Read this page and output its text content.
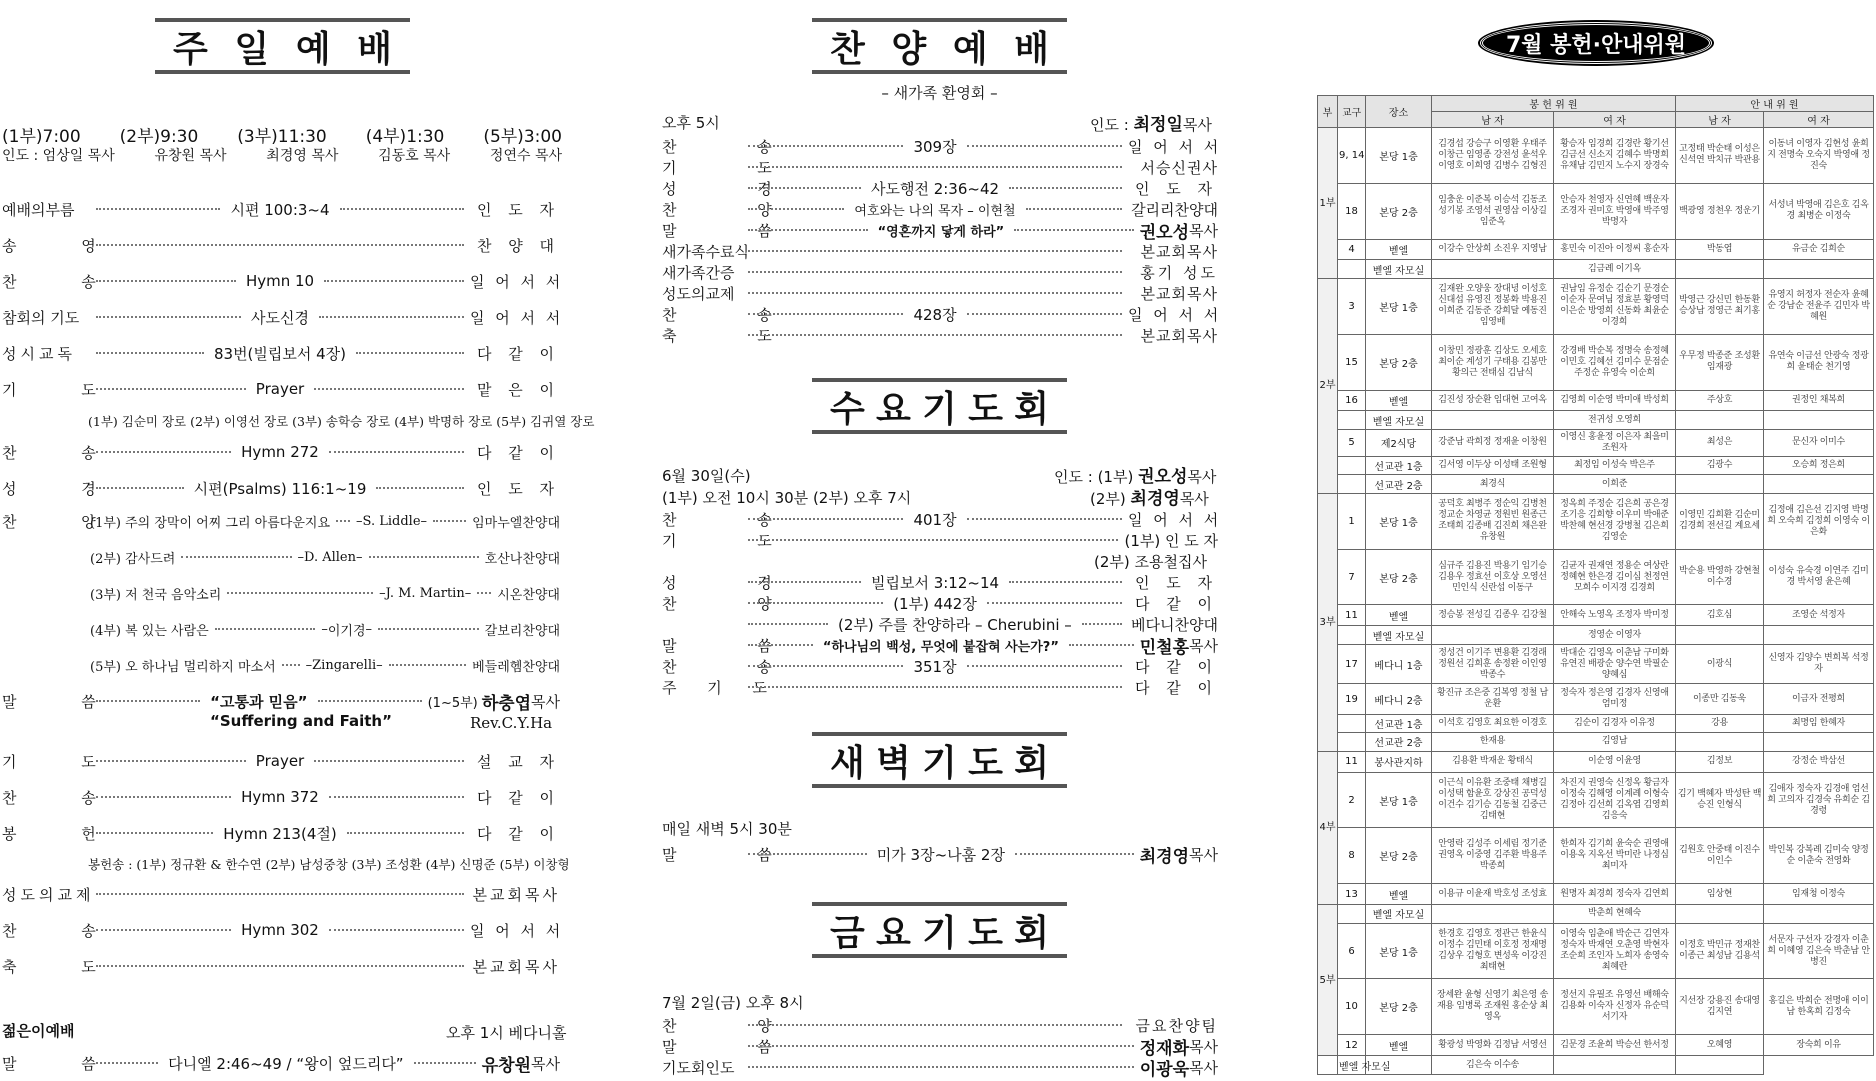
주 일 예 배
(1부)7:00 (2부)9:30 (3부)11:30 (4부)1:30 (5부)3:00
인도 : 엄상일 목사	유창원 목사	최경영 목사	김동호 목사	정연수 목사
예배의부름	시편 100:3~4	인 도 자
송 영	찬 양 대
찬 송	Hymn 10	일 어 서 서
참회의 기도	사도신경	일 어 서 서
성시교독	83번(빌립보서 4장)	다 같 이
기 도	Prayer	맡 은 이
(1부) 김순미 장로 (2부) 이영선 장로 (3부) 송학승 장로 (4부) 박명하 장로 (5부) 김귀열 장로
찬 송	Hymn 272	다 같 이
성 경	시편(Psalms) 116:1~19	인 도 자
찬 양
(1부) 주의 장막이 어찌 그리 아름다운지요 – S. Liddle –	임마누엘찬양대
(2부) 감사드려	– D. Allen –	호산나찬양대
(3부) 저 천국 음악소리	– J. M. Martin – 시온찬양대
(4부) 복 있는 사람은	– 이기경 –	갈보리찬양대
(5부) 오 하나님 멀리하지 마소서 – Zingarelli –	베들레헴찬양대
말 씀	“고통과 믿음”	(1~5부) 하충엽 목사
“Suffering and Faith”	Rev.C.Y.Ha
기 도	Prayer	설 교 자
찬 송	Hymn 372	다 같 이
봉 헌	Hymn 213(4절)	다 같 이
봉헌송 : (1부) 정규환 & 한수연 (2부) 남성중창 (3부) 조성환 (4부) 신명준 (5부) 이창형
성도의교제	본교회목사
찬 송	Hymn 302	일 어 서 서
축 도	본교회목사
젊은이예배	오후 1시 베다니홀
말 씀	다니엘 2:46~49 / “왕이 엎드리다”	유창원 목사
찬 양 예 배
– 새가족 환영회 –
오후 5시	인도 : 최정일목사
찬 송	309장	일 어 서 서
기 도	서승신권사
성 경	사도행전 2:36~42	인 도 자
찬 양	여호와는 나의 목자 – 이현철	갈리리찬양대
말 씀	“영혼까지 닿게 하라”	권오성 목사
새가족수료식	본교회목사
새가족간증	홍기 성도
성도의교제	본교회목사
찬 송	428장	일 어 서 서
축 도	본교회목사
수 요 기 도 회
6월 30일(수)	인도 : (1부) 권오성목사
(1부) 오전 10시 30분 (2부) 오후 7시	(2부) 최경영목사
찬 송	401장	일 어 서 서
기 도	(1부) 인 도 자
(2부) 조용철집사
성 경	빌립보서 3:12~14	인 도 자
찬 양	(1부) 442장	다 같 이
(2부) 주를 찬양하라 – Cherubini –	베다니찬양대
말 씀	“하나님의 백성, 무엇에 붙잡혀 사는가?”	민철홍 목사
찬 송	351장	다 같 이
주 기 도	다 같 이
새 벽 기 도 회
매일 새벽 5시 30분
말 씀	미가 3장~나훔 2장	최경영 목사
금 요 기 도 회
7월 2일(금) 오후 8시
찬 양	금요찬양팀
말 씀	정재화 목사
기도회인도	이광욱 목사
7월 봉헌·안내위원
부	교구	장소	봉 헌 위 원		안 내 위 원	
			남 자	여 자	남 자	여 자
1부	9, 14	본당 1층	김경섭 강승구 이영환 우태주 이창근 임영종 강전성 윤석우 이영호 이희영 김병수 김형진	황승자 임경희 김경란 황기선 김금선 신소지 김혜수 박명희 유채남 김민지 노수지 장경숙	고정태 박순태 이성은 신석연 박치규 박관용	이동녀 이영자 김현성 윤희지 전명숙 오숙지 박영애 정진숙
	18	본당 2층	임충운 이준복 이승석 김동조 성기봉 조영석 권영삼 이상길 임준옥	안승자 천영자 신연혜 백운자 조경자 권미호 박영애 박주영 박명자	백광영 정천우 정운기	서성녀 박영애 김은호 김옥경 최병순 이정숙
	4	벧엘	이강수 안상희 소진우 지영남	홍민숙 이진아 이정씨 홍순자	박동엽	유금순 김희순
		벧엘 자모실		김금례 이기옥		
2부	3	본당 1층	김재완 오양웅 장대녕 이성호 신대섭 유영진 정봉화 박용진 이희준 김동준 강희달 예동진 임영배	권남임 유정순 김순기 문경순 이순자 문여님 정효분 황영덕 이은순 방영희 신동화 최윤순 이경희	박영근 강신민 한동환 승상남 정영근 최기홍	유영지 허정자 전순자 윤혜순 강남순 전윤주 김민자 박혜원
	15	본당 2층	이창민 정광훈 김상도 오세호 최이순 계성기 구태용 김봉만 황의근 전태심 김남식	강경배 박순복 정명숙 송정혜 이민호 김혜선 김미수 문점순 주정순 유영숙 이순희	우무정 박종준 조성환 임재광	유연숙 이금선 안광숙 정광희 윤태순 천기영
	16	벧엘	김진성 장순환 임대현 고여옥	김영희 이순영 박미애 박성희	주상호	권정인 채복희
		벧엘 자모실		전귀성 오영희		
	5	제2식당	강준남 곽희정 정재윤 이창원	이영신 홍윤정 이은자 최을미 조원자	최성은	문신자 이미수
		선교관 1층	김서영 이두상 이성태 조원형	최정임 이성숙 박은주	김광수	오승희 정은희
		선교관 2층	최경식	이희준		
3부	1	본당 1층	공덕호 최병주 정순익 김병천 정교순 차영균 정원빈 원종근 조태희 김종배 김진희 채은완 유창원	정옥희 주정순 김은희 공은경 조기응 김희향 이우미 박애준 박찬혜 현선경 강병철 김은희 김영순	이영민 김희환 김순미 김경희 전선길 계요세	김정애 김은선 김지영 박명희 오숙희 김정희 이영숙 이은화
	7	본당 2층	심규주 김용진 박용기 임기승 김용우 정효선 이호상 오영선 민인식 신란섭 이동구	김균자 권재연 정용순 여상란 정혜현 한은경 김이심 천정연 모희수 이지경 김경희	박순용 박영하 강현철 이수경	이성숙 유숙경 이연주 김미경 박서영 윤은혜
	11	벧엘	정승봉 전성길 김종우 김강철	안해숙 노영옥 조정자 박미정	김호심	조영순 석정자
		벧엘 자모실		정영순 이영자		
	17	베다니 1층	정성건 이기주 변용환 김경래 정원선 김희훈 송정완 이인영 박종수	박대순 김영옥 이춘남 구미화 유연진 배광순 양수연 박필순 양혜심	이광식	신영자 김양수 변희복 석정자
	19	베다니 2층	황진규 조은중 김복영 정철 남운환	정숙자 정은영 김경자 신영애 엄미정	이종만 김동욱	이금자 전평희
		선교관 1층	이석호 김영호 최요한 이경호	김순이 김경자 이유정	강용	최명임 한혜자
		선교관 2층	한재용	김영남		
4부	11	봉사관지하	김용환 박재운 황태식	이순영 이윤영	김정보	강정순 박삼선
	2	본당 1층	이근식 이유환 조중태 채병길 이성택 함윤호 강상진 공덕성 이건수 김기승 김동철 김중근 김태현	차진지 권영숙 신정옥 황금자 이정숙 김해영 이계례 이형숙 김정아 김선희 김옥엽 김영희 김응숙	김기 백혜자 박성탄 백승진 인형식	김애자 정숙자 김경애 엄선희 고의자 김경숙 유희순 김경령
	8	본당 2층	안영락 김성주 이세림 정기준 권영옥 이중영 김주환 박용주 박종희	한희자 김기희 윤숙순 권영애 이용옥 지옥선 박미란 나정심 최미자	김원호 안중태 이진수 이인수	박인복 강복례 김미숙 양정순 이춘숙 전영화
	13	벧엘	이용규 이윤재 박호성 조성효	원명자 최경희 정숙자 김연희	임상현	임재청 이정숙
5부		벧엘 자모실		박춘희 현혜숙		
	6	본당 1층	한경호 김영호 정관근 한윤식 이정수 김민태 이호정 정재명 김상우 김형호 변성욱 이강진 최태현	이영숙 임춘애 박순근 김연자 정숙자 박재연 오춘영 박현자 조순희 조인자 노희자 송영숙 최혜란	이정호 박민규 정재찬 이종근 최성남 김용석	서문자 구선자 강경자 이춘희 이혜영 김은숙 박춘남 안병진
	10	본당 2층	장세완 윤형 신영기 최은영 송재용 임병록 조재원 홍순상 최영옥	정선지 유필조 유영선 배해숙 김용화 이숙자 신정자 유순덕 서기자	지선장 강용진 송대영 김지연	홍길은 박희순 전명애 이이남 한혹희 김정숙
	12	벧엘	황광성 박영화 김정남 서영선	김문경 조윤희 박승선 한서정	오혜영	장숙희 이유
	벧엘 자모실		김은숙 이수송			
